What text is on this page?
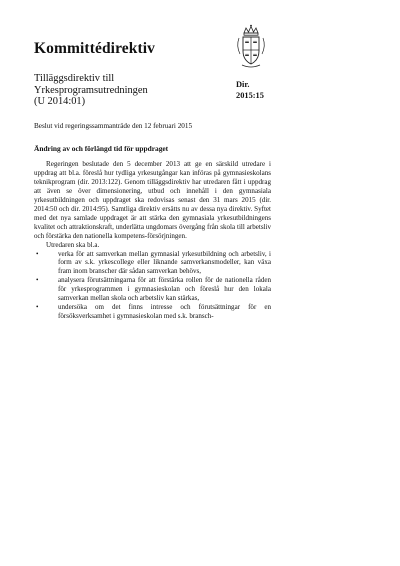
Kommittédirektiv
Tilläggsdirektiv till
Yrkesprogramsutredningen
(U 2014:01)
Dir.
2015:15
Beslut vid regeringssammanträde den 12 februari 2015
Ändring av och förlängd tid för uppdraget

Regeringen beslutade den 5 december 2013 att ge en särskild utredare i uppdrag att bl.a. föreslå hur tydliga yrkesutgångar kan införas på gymnasieskolans teknikprogram (dir. 2013:122). Genom tilläggsdirektiv har utredaren fått i uppdrag att även se över dimensionering, utbud och innehåll i den gymnasiala yrkesutbildningen och uppdraget ska redovisas senast den 31 mars 2015 (dir. 2014:50 och dir. 2014:95). Samtliga direktiv ersätts nu av dessa nya direktiv. Syftet med det nya samlade uppdraget är att stärka den gymnasiala yrkesutbildningens kvalitet och attraktionskraft, underlätta ungdomars övergång från skola till arbetsliv och förstärka den nationella kompetens-försörjningen.

Utredaren ska bl.a.

•	verka för att samverkan mellan gymnasial yrkesutbildning och arbetsliv, i form av s.k. yrkescollege eller liknande samverkansmodeller, kan växa fram inom branscher där sådan samverkan behövs,
•	analysera förutsättningarna för att förstärka rollen för de nationella råden för yrkesprogrammen i gymnasieskolan och föreslå hur den lokala samverkan mellan skola och arbetsliv kan stärkas,
•	undersöka om det finns intresse och förutsättningar för en försöksverksamhet i gymnasieskolan med s.k. bransch-
